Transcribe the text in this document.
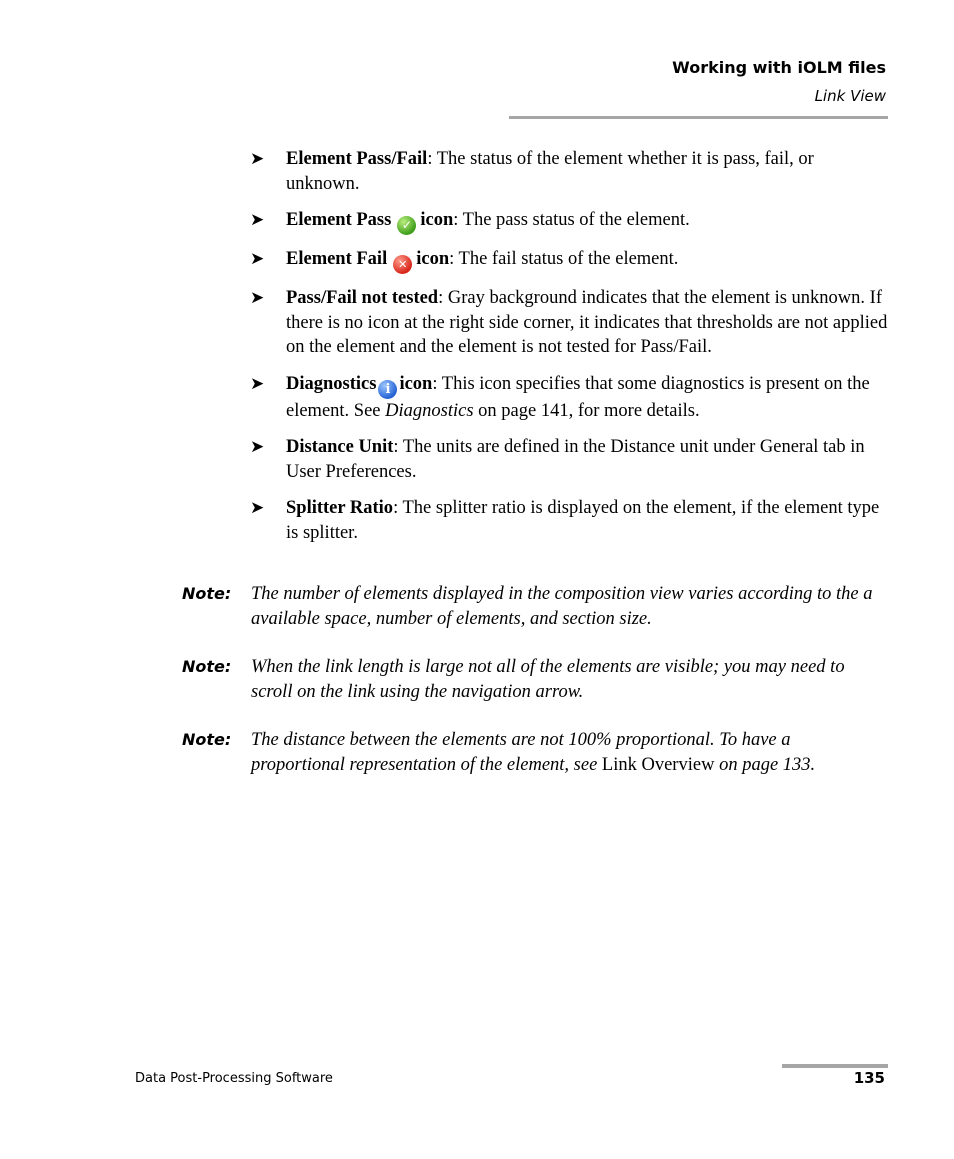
Working with iOLM files
Link View
➤ Element Pass/Fail: The status of the element whether it is pass, fail, or unknown.
➤ Element Pass ✓ icon: The pass status of the element.
➤ Element Fail ✕ icon: The fail status of the element.
➤ Pass/Fail not tested: Gray background indicates that the element is unknown. If there is no icon at the right side corner, it indicates that thresholds are not applied on the element and the element is not tested for Pass/Fail.
➤ Diagnostics i icon: This icon specifies that some diagnostics is present on the element. See Diagnostics on page 141, for more details.
➤ Distance Unit: The units are defined in the Distance unit under General tab in User Preferences.
➤ Splitter Ratio: The splitter ratio is displayed on the element, if the element type is splitter.
Note: The number of elements displayed in the composition view varies according to the a available space, number of elements, and section size.
Note: When the link length is large not all of the elements are visible; you may need to scroll on the link using the navigation arrow.
Note: The distance between the elements are not 100% proportional. To have a proportional representation of the element, see Link Overview on page 133.
Data Post-Processing Software	135
